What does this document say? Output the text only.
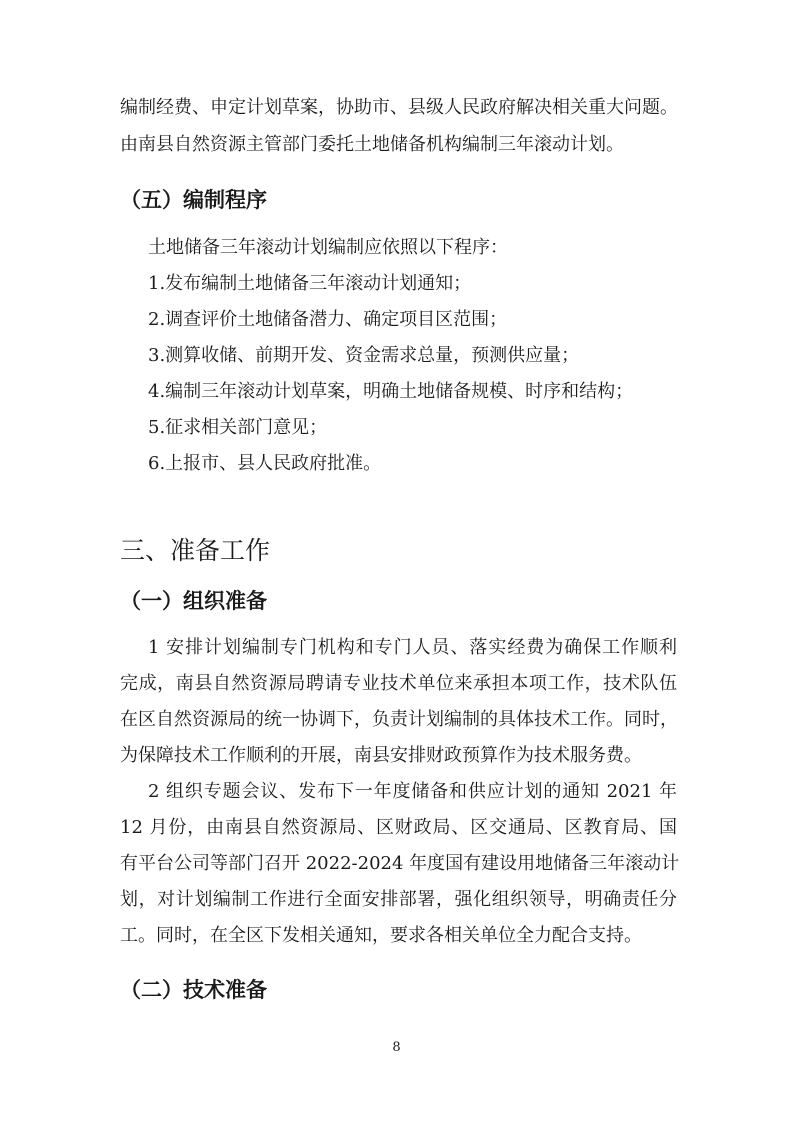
编制经费、申定计划草案，协助市、县级人民政府解决相关重大问题。
由南县自然资源主管部门委托土地储备机构编制三年滚动计划。
（五）编制程序
土地储备三年滚动计划编制应依照以下程序：
1.发布编制土地储备三年滚动计划通知；
2.调查评价土地储备潜力、确定项目区范围；
3.测算收储、前期开发、资金需求总量，预测供应量；
4.编制三年滚动计划草案，明确土地储备规模、时序和结构；
5.征求相关部门意见；
6.上报市、县人民政府批准。
三、准备工作
（一）组织准备
1 安排计划编制专门机构和专门人员、落实经费为确保工作顺利
完成，南县自然资源局聘请专业技术单位来承担本项工作，技术队伍
在区自然资源局的统一协调下，负责计划编制的具体技术工作。同时，
为保障技术工作顺利的开展，南县安排财政预算作为技术服务费。
2 组织专题会议、发布下一年度储备和供应计划的通知 2021 年
12 月份，由南县自然资源局、区财政局、区交通局、区教育局、国
有平台公司等部门召开 2022-2024 年度国有建设用地储备三年滚动计
划，对计划编制工作进行全面安排部署，强化组织领导，明确责任分
工。同时，在全区下发相关通知，要求各相关单位全力配合支持。
（二）技术准备
8
